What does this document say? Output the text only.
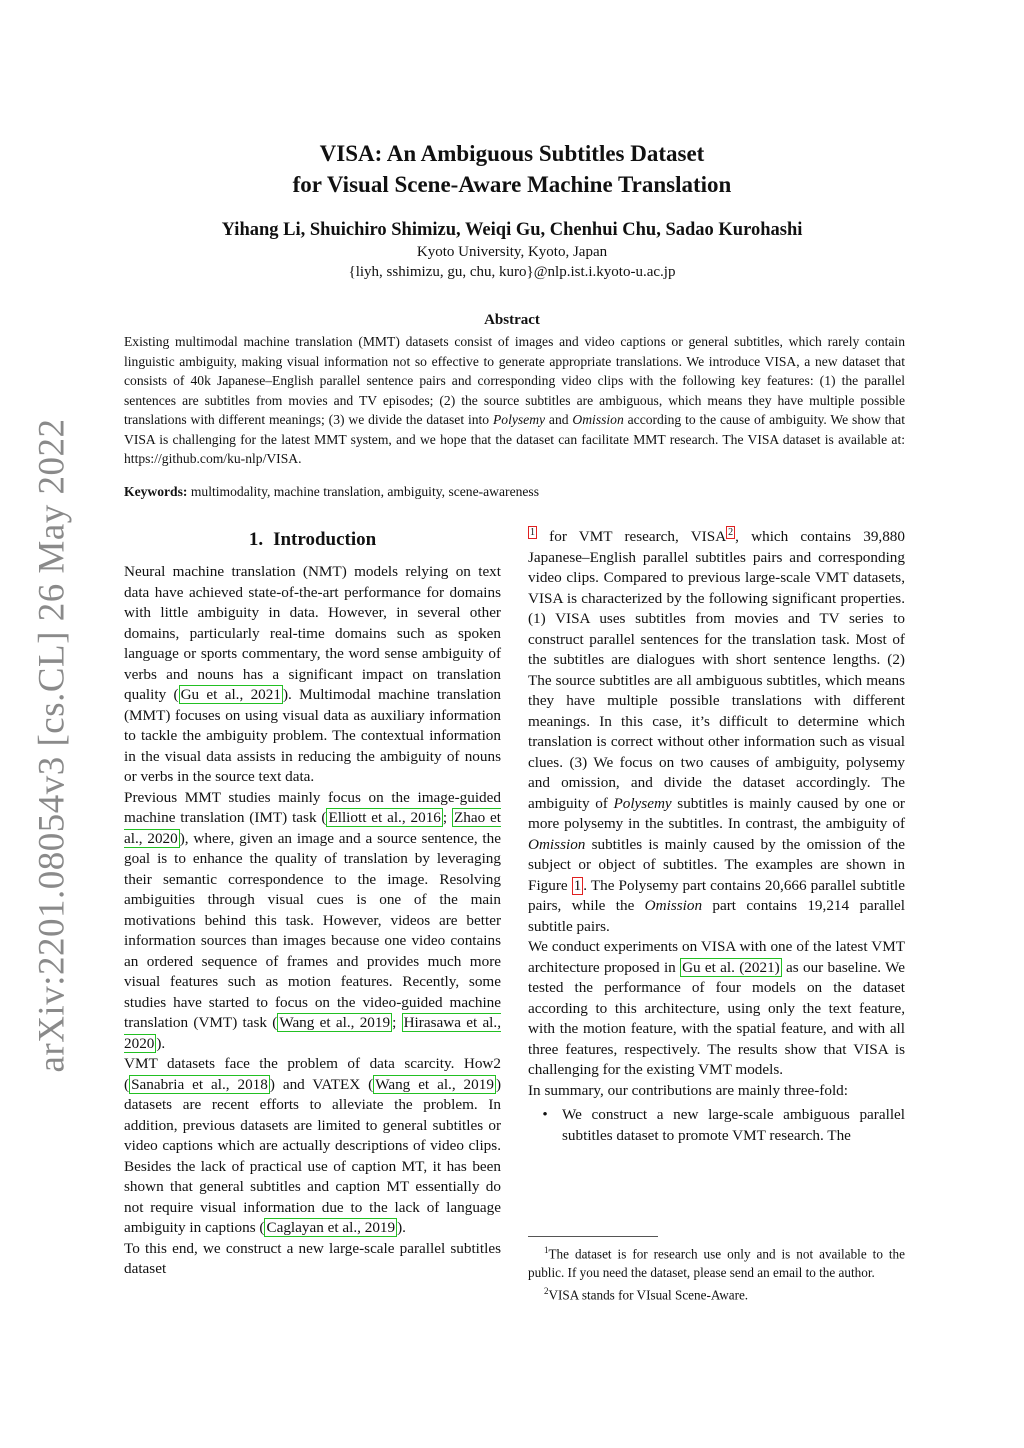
arXiv:2201.08054v3 [cs.CL] 26 May 2022
VISA: An Ambiguous Subtitles Dataset
for Visual Scene-Aware Machine Translation
Yihang Li, Shuichiro Shimizu, Weiqi Gu, Chenhui Chu, Sadao Kurohashi
Kyoto University, Kyoto, Japan
{liyh, sshimizu, gu, chu, kuro}@nlp.ist.i.kyoto-u.ac.jp
Abstract
Existing multimodal machine translation (MMT) datasets consist of images and video captions or general subtitles, which rarely contain linguistic ambiguity, making visual information not so effective to generate appropriate translations. We introduce VISA, a new dataset that consists of 40k Japanese–English parallel sentence pairs and corresponding video clips with the following key features: (1) the parallel sentences are subtitles from movies and TV episodes; (2) the source subtitles are ambiguous, which means they have multiple possible translations with different meanings; (3) we divide the dataset into Polysemy and Omission according to the cause of ambiguity. We show that VISA is challenging for the latest MMT system, and we hope that the dataset can facilitate MMT research. The VISA dataset is available at: https://github.com/ku-nlp/VISA.
Keywords: multimodality, machine translation, ambiguity, scene-awareness
1. Introduction

Neural machine translation (NMT) models relying on text data have achieved state-of-the-art performance for domains with little ambiguity in data. However, in several other domains, particularly real-time domains such as spoken language or sports commentary, the word sense ambiguity of verbs and nouns has a significant impact on translation quality ( Gu et al., 2021 ). Multimodal machine translation (MMT) focuses on using visual data as auxiliary information to tackle the ambiguity problem. The contextual information in the visual data assists in reducing the ambiguity of nouns or verbs in the source text data.

Previous MMT studies mainly focus on the image-guided machine translation (IMT) task ( Elliott et al., 2016 ; Zhao et al., 2020 ), where, given an image and a source sentence, the goal is to enhance the quality of translation by leveraging their semantic correspondence to the image. Resolving ambiguities through visual cues is one of the main motivations behind this task. However, videos are better information sources than images because one video contains an ordered sequence of frames and provides much more visual features such as motion features. Recently, some studies have started to focus on the video-guided machine translation (VMT) task ( Wang et al., 2019 ; Hirasawa et al., 2020 ).

VMT datasets face the problem of data scarcity. How2 ( Sanabria et al., 2018 ) and VATEX ( Wang et al., 2019 ) datasets are recent efforts to alleviate the problem. In addition, previous datasets are limited to general subtitles or video captions which are actually descriptions of video clips. Besides the lack of practical use of caption MT, it has been shown that general subtitles and caption MT essentially do not require visual information due to the lack of language ambiguity in captions ( Caglayan et al., 2019 ).

To this end, we construct a new large-scale parallel subtitles dataset

$^1$ for VMT research, VISA $^2$ , which contains 39,880 Japanese–English parallel subtitles pairs and corresponding video clips. Compared to previous large-scale VMT datasets, VISA is characterized by the following significant properties. (1) VISA uses subtitles from movies and TV series to construct parallel sentences for the translation task. Most of the subtitles are dialogues with short sentence lengths. (2) The source subtitles are all ambiguous subtitles, which means they have multiple possible translations with different meanings. In this case, it’s difficult to determine which translation is correct without other information such as visual clues. (3) We focus on two causes of ambiguity, polysemy and omission, and divide the dataset accordingly. The ambiguity of Polysemy subtitles is mainly caused by one or more polysemy in the subtitles. In contrast, the ambiguity of Omission subtitles is mainly caused by the omission of the subject or object of subtitles. The examples are shown in Figure 1 . The Polysemy part contains 20,666 parallel subtitle pairs, while the Omission part contains 19,214 parallel subtitle pairs.

We conduct experiments on VISA with one of the latest VMT architecture proposed in Gu et al. (2021) as our baseline. We tested the performance of four models on the dataset according to this architecture, using only the text feature, with the motion feature, with the spatial feature, and with all three features, respectively. The results show that VISA is challenging for the existing VMT models.

In summary, our contributions are mainly three-fold:

• We construct a new large-scale ambiguous parallel subtitles dataset to promote VMT research. The

$^1$The dataset is for research use only and is not available to the public. If you need the dataset, please send an email to the author.

$^2$VISA stands for VIsual Scene-Aware.
